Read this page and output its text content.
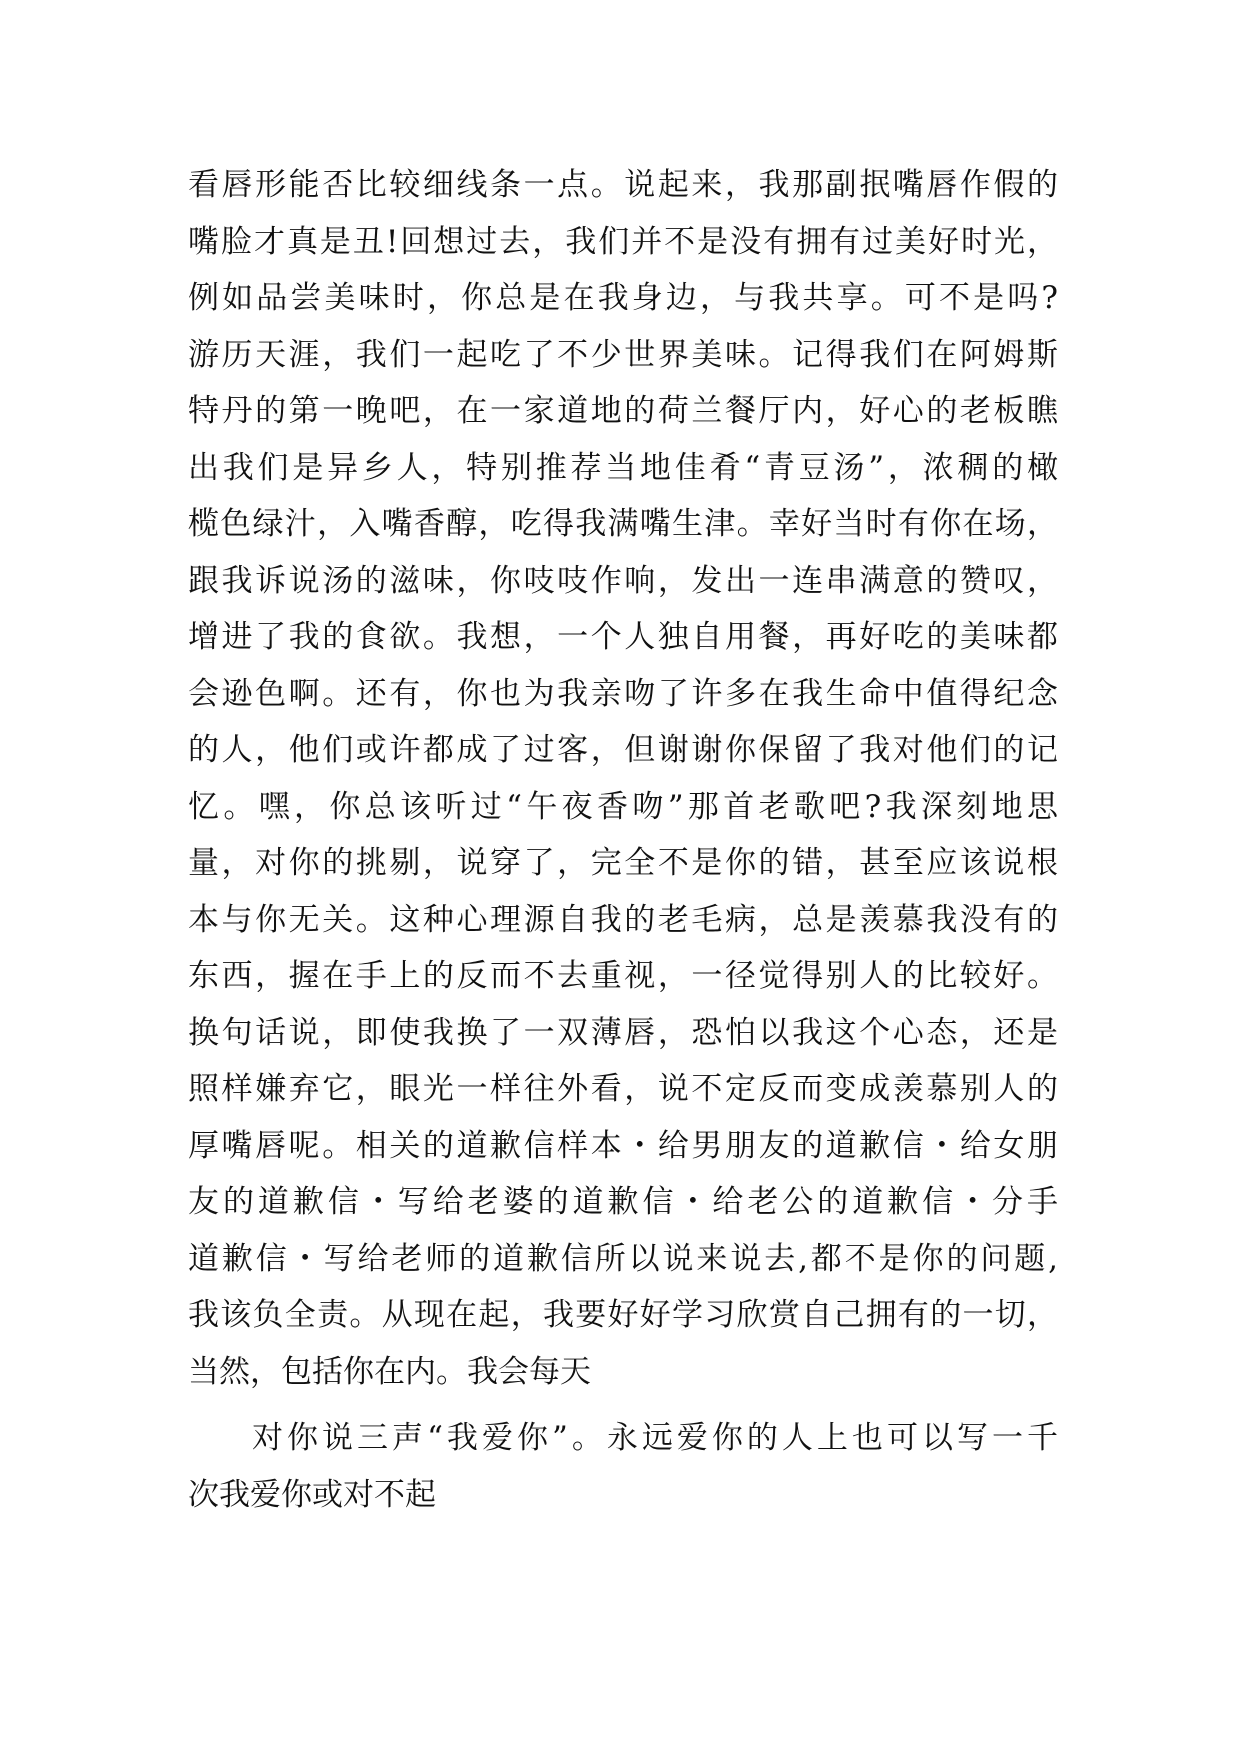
看唇形能否比较细线条一点。说起来，我那副抿嘴唇作假的
嘴脸才真是丑!回想过去，我们并不是没有拥有过美好时光，
例如品尝美味时，你总是在我身边，与我共享。可不是吗?
游历天涯，我们一起吃了不少世界美味。记得我们在阿姆斯
特丹的第一晚吧，在一家道地的荷兰餐厅内，好心的老板瞧
出我们是异乡人，特别推荐当地佳肴“青豆汤”，浓稠的橄
榄色绿汁，入嘴香醇，吃得我满嘴生津。幸好当时有你在场，
跟我诉说汤的滋味，你吱吱作响，发出一连串满意的赞叹，
增进了我的食欲。我想，一个人独自用餐，再好吃的美味都
会逊色啊。还有，你也为我亲吻了许多在我生命中值得纪念
的人，他们或许都成了过客，但谢谢你保留了我对他们的记
忆。嘿，你总该听过“午夜香吻”那首老歌吧?我深刻地思
量，对你的挑剔，说穿了，完全不是你的错，甚至应该说根
本与你无关。这种心理源自我的老毛病，总是羡慕我没有的
东西，握在手上的反而不去重视，一径觉得别人的比较好。
换句话说，即使我换了一双薄唇，恐怕以我这个心态，还是
照样嫌弃它，眼光一样往外看，说不定反而变成羡慕别人的
厚嘴唇呢。相关的道歉信样本・给男朋友的道歉信・给女朋
友的道歉信・写给老婆的道歉信・给老公的道歉信・分手
道歉信・写给老师的道歉信所以说来说去,都不是你的问题,
我该负全责。从现在起，我要好好学习欣赏自己拥有的一切，
当然，包括你在内。我会每天
对你说三声“我爱你”。永远爱你的人上也可以写一千
次我爱你或对不起
